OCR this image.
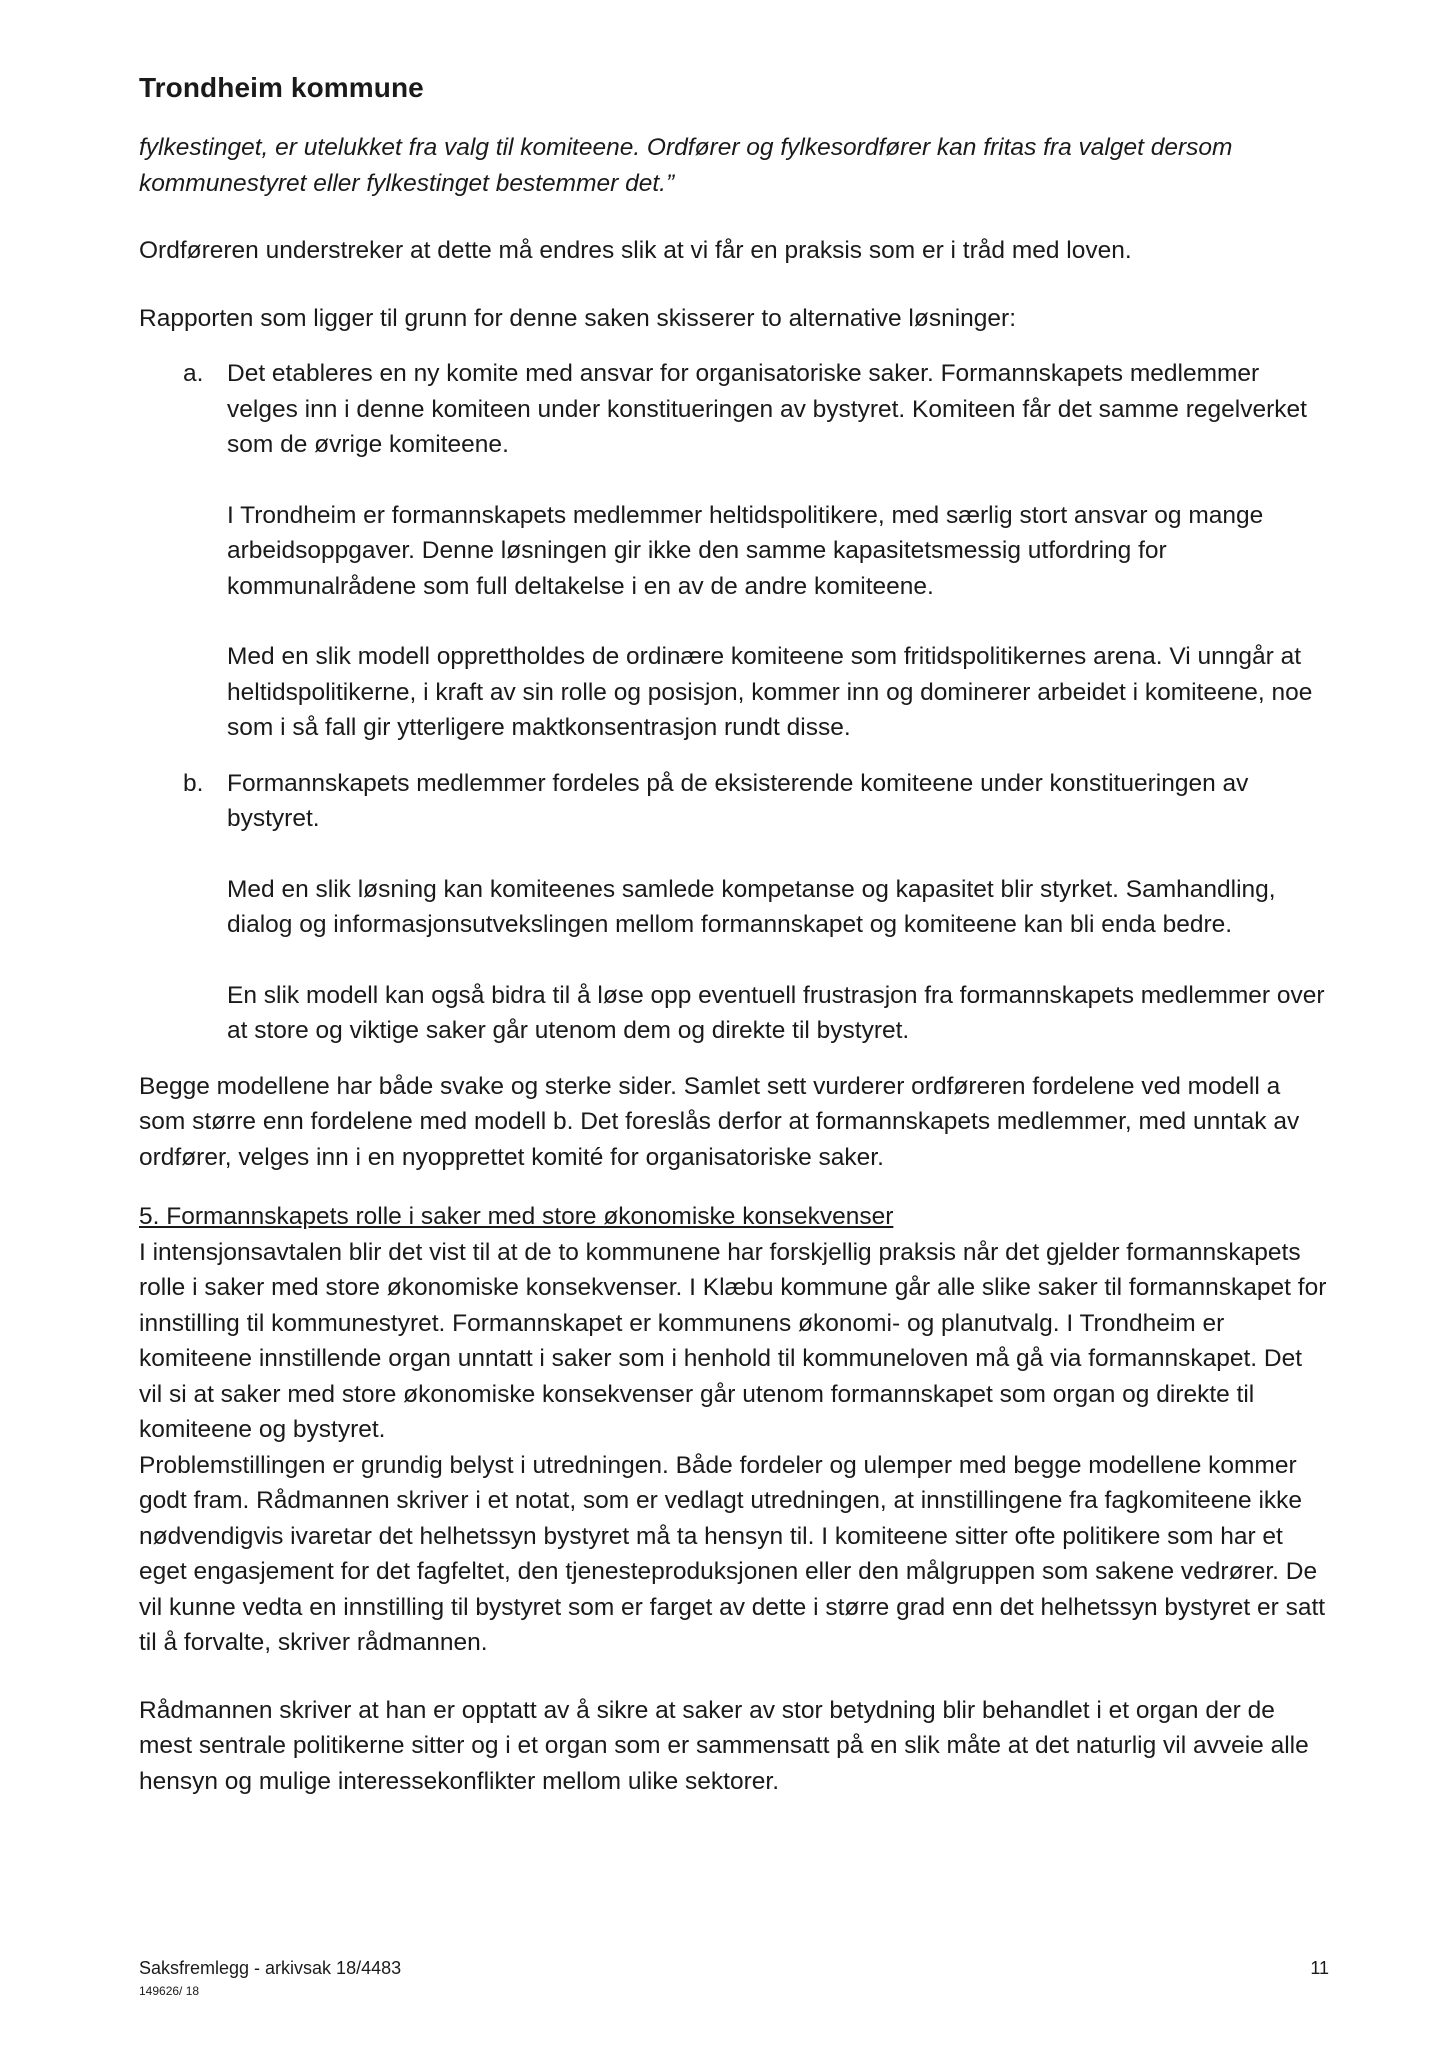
Trondheim kommune

fylkestinget, er utelukket fra valg til komiteene. Ordfører og fylkesordfører kan fritas fra valget dersom kommunestyret eller fylkestinget bestemmer det.”

Ordføreren understreker at dette må endres slik at vi får en praksis som er i tråd med loven.

Rapporten som ligger til grunn for denne saken skisserer to alternative løsninger:

a. Det etableres en ny komite med ansvar for organisatoriske saker. Formannskapets medlemmer velges inn i denne komiteen under konstitueringen av bystyret. Komiteen får det samme regelverket som de øvrige komiteene.

I Trondheim er formannskapets medlemmer heltidspolitikere, med særlig stort ansvar og mange arbeidsoppgaver. Denne løsningen gir ikke den samme kapasitetsmessig utfordring for kommunalrådene som full deltakelse i en av de andre komiteene.

Med en slik modell opprettholdes de ordinære komiteene som fritidspolitikernes arena. Vi unngår at heltidspolitikerne, i kraft av sin rolle og posisjon, kommer inn og dominerer arbeidet i komiteene, noe som i så fall gir ytterligere maktkonsentrasjon rundt disse.

b. Formannskapets medlemmer fordeles på de eksisterende komiteene under konstitueringen av bystyret.

Med en slik løsning kan komiteenes samlede kompetanse og kapasitet blir styrket. Samhandling, dialog og informasjonsutvekslingen mellom formannskapet og komiteene kan bli enda bedre.

En slik modell kan også bidra til å løse opp eventuell frustrasjon fra formannskapets medlemmer over at store og viktige saker går utenom dem og direkte til bystyret.

Begge modellene har både svake og sterke sider. Samlet sett vurderer ordføreren fordelene ved modell a som større enn fordelene med modell b. Det foreslås derfor at formannskapets medlemmer, med unntak av ordfører, velges inn i en nyopprettet komité for organisatoriske saker.

5. Formannskapets rolle i saker med store økonomiske konsekvenser

I intensjonsavtalen blir det vist til at de to kommunene har forskjellig praksis når det gjelder formannskapets rolle i saker med store økonomiske konsekvenser. I Klæbu kommune går alle slike saker til formannskapet for innstilling til kommunestyret. Formannskapet er kommunens økonomi- og planutvalg. I Trondheim er komiteene innstillende organ unntatt i saker som i henhold til kommuneloven må gå via formannskapet. Det vil si at saker med store økonomiske konsekvenser går utenom formannskapet som organ og direkte til komiteene og bystyret.

Problemstillingen er grundig belyst i utredningen. Både fordeler og ulemper med begge modellene kommer godt fram. Rådmannen skriver i et notat, som er vedlagt utredningen, at innstillingene fra fagkomiteene ikke nødvendigvis ivaretar det helhetssyn bystyret må ta hensyn til. I komiteene sitter ofte politikere som har et eget engasjement for det fagfeltet, den tjenesteproduksjonen eller den målgruppen som sakene vedrører. De vil kunne vedta en innstilling til bystyret som er farget av dette i større grad enn det helhetssyn bystyret er satt til å forvalte, skriver rådmannen.

Rådmannen skriver at han er opptatt av å sikre at saker av stor betydning blir behandlet i et organ der de mest sentrale politikerne sitter og i et organ som er sammensatt på en slik måte at det naturlig vil avveie alle hensyn og mulige interessekonflikter mellom ulike sektorer.

Saksfremlegg - arkivsak 18/4483	11
149626/ 18
